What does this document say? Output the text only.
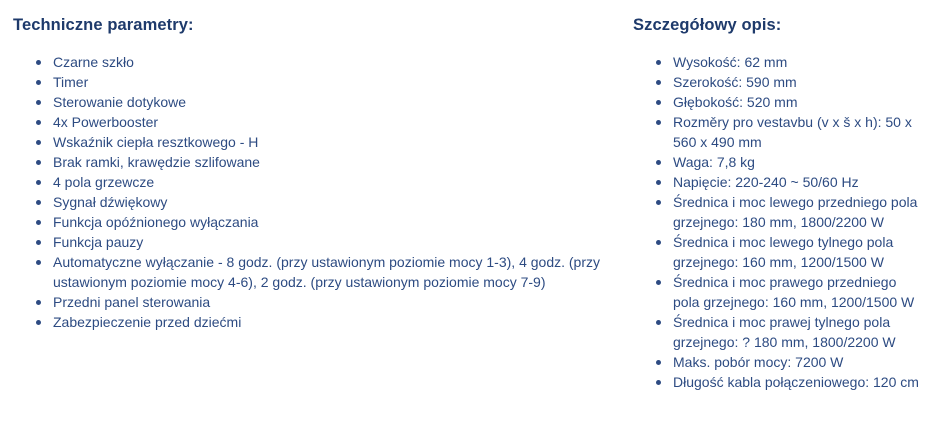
Techniczne parametry:
Czarne szkło
Timer
Sterowanie dotykowe
4x Powerbooster
Wskaźnik ciepła resztkowego - H
Brak ramki, krawędzie szlifowane
4 pola grzewcze
Sygnał dźwiękowy
Funkcja opóźnionego wyłączania
Funkcja pauzy
Automatyczne wyłączanie - 8 godz. (przy ustawionym poziomie mocy 1-3), 4 godz. (przy ustawionym poziomie mocy 4-6), 2 godz. (przy ustawionym poziomie mocy 7-9)
Przedni panel sterowania
Zabezpieczenie przed dziećmi
Szczegółowy opis:
Wysokość: 62 mm
Szerokość: 590 mm
Głębokość: 520 mm
Rozměry pro vestavbu (v x š x h): 50 x 560 x 490 mm
Waga: 7,8 kg
Napięcie: 220-240 ~ 50/60 Hz
Średnica i moc lewego przedniego pola grzejnego: 180 mm, 1800/2200 W
Średnica i moc lewego tylnego pola grzejnego: 160 mm, 1200/1500 W
Średnica i moc prawego przedniego pola grzejnego: 160 mm, 1200/1500 W
Średnica i moc prawej tylnego pola grzejnego: ? 180 mm, 1800/2200 W
Maks. pobór mocy: 7200 W
Długość kabla połączeniowego: 120 cm
